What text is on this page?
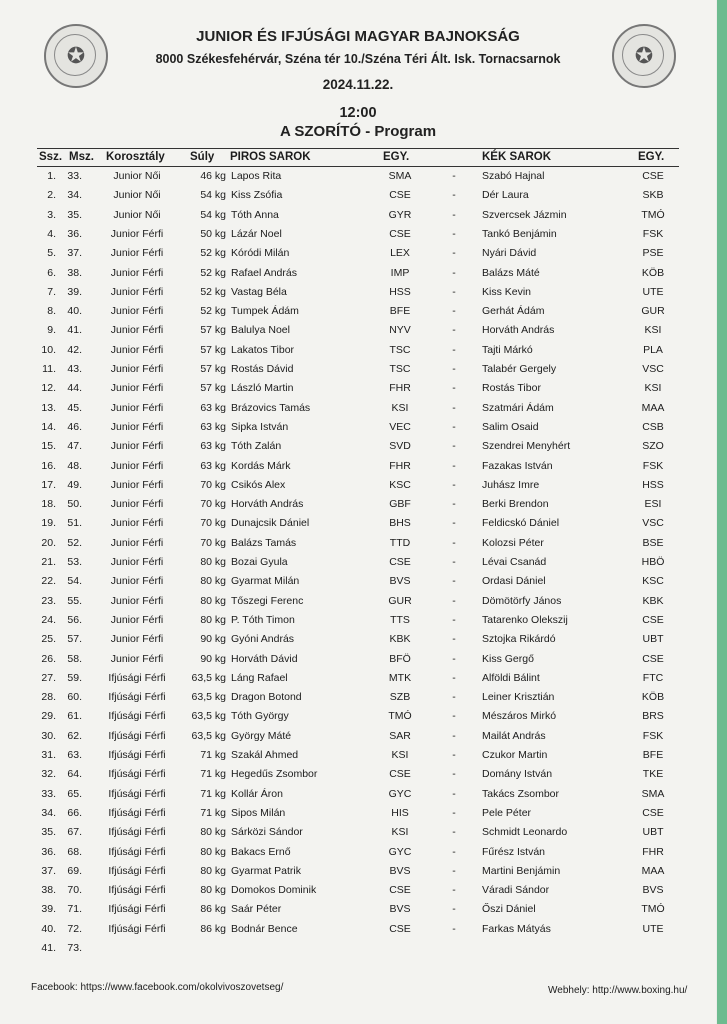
✪	✪
JUNIOR ÉS IFJÚSÁGI MAGYAR BAJNOKSÁG
8000 Székesfehérvár, Széna tér 10./Széna Téri Ált. Isk. Tornacsarnok
2024.11.22.
12:00
A SZORÍTÓ - Program
Ssz. Msz. Korosztály Súly PIROS SAROK	EGY.	KÉK SAROK	EGY.
1.	33.	Junior Női	46 kg Lapos Rita	SMA	-	Szabó Hajnal	CSE
2.	34.	Junior Női	54 kg Kiss Zsófia	CSE	-	Dér Laura	SKB
3.	35.	Junior Női	54 kg Tóth Anna	GYR	-	Szvercsek Jázmin	TMÓ
4.	36.	Junior Férfi	50 kg Lázár Noel	CSE	-	Tankó Benjámin	FSK
5.	37.	Junior Férfi	52 kg Kóródi Milán	LEX	-	Nyári Dávid	PSE
6.	38.	Junior Férfi	52 kg Rafael András	IMP	-	Balázs Máté	KÖB
7.	39.	Junior Férfi	52 kg Vastag Béla	HSS	-	Kiss Kevin	UTE
8.	40.	Junior Férfi	52 kg Tumpek Ádám	BFE	-	Gerhát Ádám	GUR
9.	41.	Junior Férfi	57 kg Balulya Noel	NYV	-	Horváth András	KSI
10.	42.	Junior Férfi	57 kg Lakatos Tibor	TSC	-	Tajti Márkó	PLA
11.	43.	Junior Férfi	57 kg Rostás Dávid	TSC	-	Talabér Gergely	VSC
12.	44.	Junior Férfi	57 kg László Martin	FHR	-	Rostás Tibor	KSI
13.	45.	Junior Férfi	63 kg Brázovics Tamás	KSI	-	Szatmári Ádám	MAA
14.	46.	Junior Férfi	63 kg Sipka István	VEC	-	Salim Osaid	CSB
15.	47.	Junior Férfi	63 kg Tóth Zalán	SVD	-	Szendrei Menyhért	SZO
16.	48.	Junior Férfi	63 kg Kordás Márk	FHR	-	Fazakas István	FSK
17.	49.	Junior Férfi	70 kg Csikós Alex	KSC	-	Juhász Imre	HSS
18.	50.	Junior Férfi	70 kg Horváth András	GBF	-	Berki Brendon	ESI
19.	51.	Junior Férfi	70 kg Dunajcsik Dániel	BHS	-	Feldicskó Dániel	VSC
20.	52.	Junior Férfi	70 kg Balázs Tamás	TTD	-	Kolozsi Péter	BSE
21.	53.	Junior Férfi	80 kg Bozai Gyula	CSE	-	Lévai Csanád	HBÖ
22.	54.	Junior Férfi	80 kg Gyarmat Milán	BVS	-	Ordasi Dániel	KSC
23.	55.	Junior Férfi	80 kg Tőszegi Ferenc	GUR	-	Dömötörfy János	KBK
24.	56.	Junior Férfi	80 kg P. Tóth Timon	TTS	-	Tatarenko Olekszij	CSE
25.	57.	Junior Férfi	90 kg Gyóni András	KBK	-	Sztojka Rikárdó	UBT
26.	58.	Junior Férfi	90 kg Horváth Dávid	BFÖ	-	Kiss Gergő	CSE
27.	59.	Ifjúsági Férfi	63,5 kg Láng Rafael	MTK	-	Alföldi Bálint	FTC
28.	60.	Ifjúsági Férfi	63,5 kg Dragon Botond	SZB	-	Leiner Krisztián	KÖB
29.	61.	Ifjúsági Férfi	63,5 kg Tóth György	TMÓ	-	Mészáros Mirkó	BRS
30.	62.	Ifjúsági Férfi	63,5 kg György Máté	SAR	-	Mailát András	FSK
31.	63.	Ifjúsági Férfi	71 kg Szakál Ahmed	KSI	-	Czukor Martin	BFE
32.	64.	Ifjúsági Férfi	71 kg Hegedűs Zsombor	CSE	-	Domány István	TKE
33.	65.	Ifjúsági Férfi	71 kg Kollár Áron	GYC	-	Takács Zsombor	SMA
34.	66.	Ifjúsági Férfi	71 kg Sipos Milán	HIS	-	Pele Péter	CSE
35.	67.	Ifjúsági Férfi	80 kg Sárközi Sándor	KSI	-	Schmidt Leonardo	UBT
36.	68.	Ifjúsági Férfi	80 kg Bakacs Ernő	GYC	-	Fűrész István	FHR
37.	69.	Ifjúsági Férfi	80 kg Gyarmat Patrik	BVS	-	Martini Benjámin	MAA
38.	70.	Ifjúsági Férfi	80 kg Domokos Dominik	CSE	-	Váradi Sándor	BVS
39.	71.	Ifjúsági Férfi	86 kg Saár Péter	BVS	-	Őszi Dániel	TMÓ
40.	72.	Ifjúsági Férfi	86 kg Bodnár Bence	CSE	-	Farkas Mátyás	UTE
41.	73.
Facebook: https://www.facebook.com/okolvivoszovetseg/	Webhely: http://www.boxing.hu/
